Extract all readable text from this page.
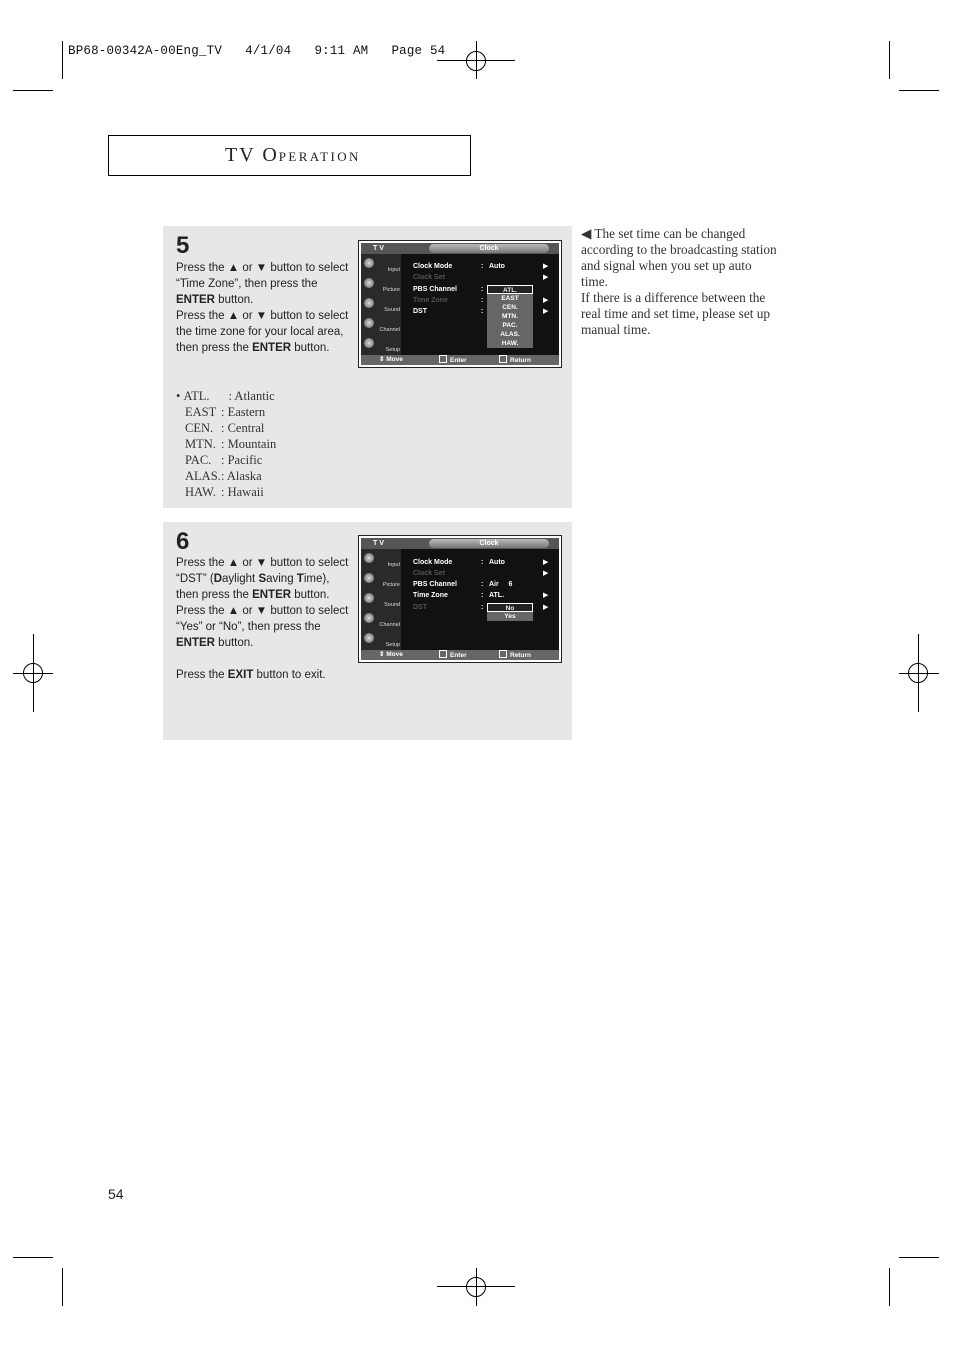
BP68-00342A-00Eng_TV   4/1/04   9:11 AM   Page 54
TV OPERATION
5

Press the ▲ or ▼ button to select “Time Zone”, then press the ENTER button.

Press the ▲ or ▼ button to select the time zone for your local area, then press the ENTER button.

•
ATL.	: Atlantic
EAST : Eastern
CEN. : Central
MTN. : Mountain
PAC. : Pacific
ALAS. : Alaska
HAW. : Hawaii
T V	Clock
Input
Picture
Sound
Channel
Setup
Clock Mode	: Auto	▶
Clock Set	▶
PBS Channel	:
Time Zone	:	▶
DST	:	▶
ATL.
EAST
CEN.
MTN.
PAC.
ALAS.
HAW.
⇕ Move	Enter	Return
6

Press the ▲ or ▼ button to select “DST” (Daylight Saving Time), then press the ENTER button.

Press the ▲ or ▼ button to select “Yes” or “No”, then press the ENTER button.

Press the EXIT button to exit.

T V	Clock
Input
Picture
Sound
Channel
Setup
Clock Mode	: Auto	▶
Clock Set	▶
PBS Channel	: Air 6
Time Zone	: ATL.	▶
DST	:	▶
No
Yes
⇕ Move	Enter	Return

◀ The set time can be changed according to the broadcasting station and signal when you set up auto time.

If there is a difference between the real time and set time, please set up manual time.

54
